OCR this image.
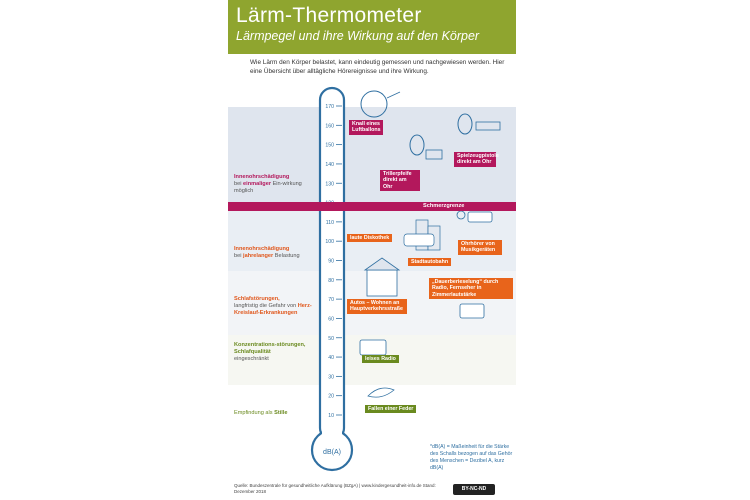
Lärm-Thermometer
Lärmpegel und ihre Wirkung auf den Körper
Wie Lärm den Körper belastet, kann eindeutig gemessen und nachgewiesen werden. Hier eine Übersicht über alltägliche Hörereignisse und ihre Wirkung.
170
160
150
140
130
110
100
90
80
70
60
50
40
30
20
10
dB(A)
Innenohrschädigung
bei einmaliger Ein-wirkung möglich
Innenohrschädigung
bei jahrelanger Belastung
Schlafstörungen,
langfristig die Gefahr von Herz-Kreislauf-Erkrankungen
Konzentrations-störungen, Schlafqualität
eingeschränkt
Empfindung als Stille
Schmerzgrenze
Knall eines Luftballons
Spielzeugpistole direkt am Ohr
Trillerpfeife direkt am Ohr
laute Diskothek
Ohrhörer von Musikgeräten
Stadtautobahn
„Dauerberieselung“ durch Radio, Fernseher in Zimmerlautstärke
Autos – Wohnen an Hauptverkehrsstraße
leises Radio
Fallen einer Feder
*dB(A) = Maßeinheit für die Stärke des Schalls bezogen auf das Gehör des Menschen = Dezibel A, kurz dB(A)
Quelle: Bundeszentrale für gesundheitliche Aufklärung (BZgA) | www.kindergesundheit-info.de Stand: Dezember 2018	BY-NC-ND
